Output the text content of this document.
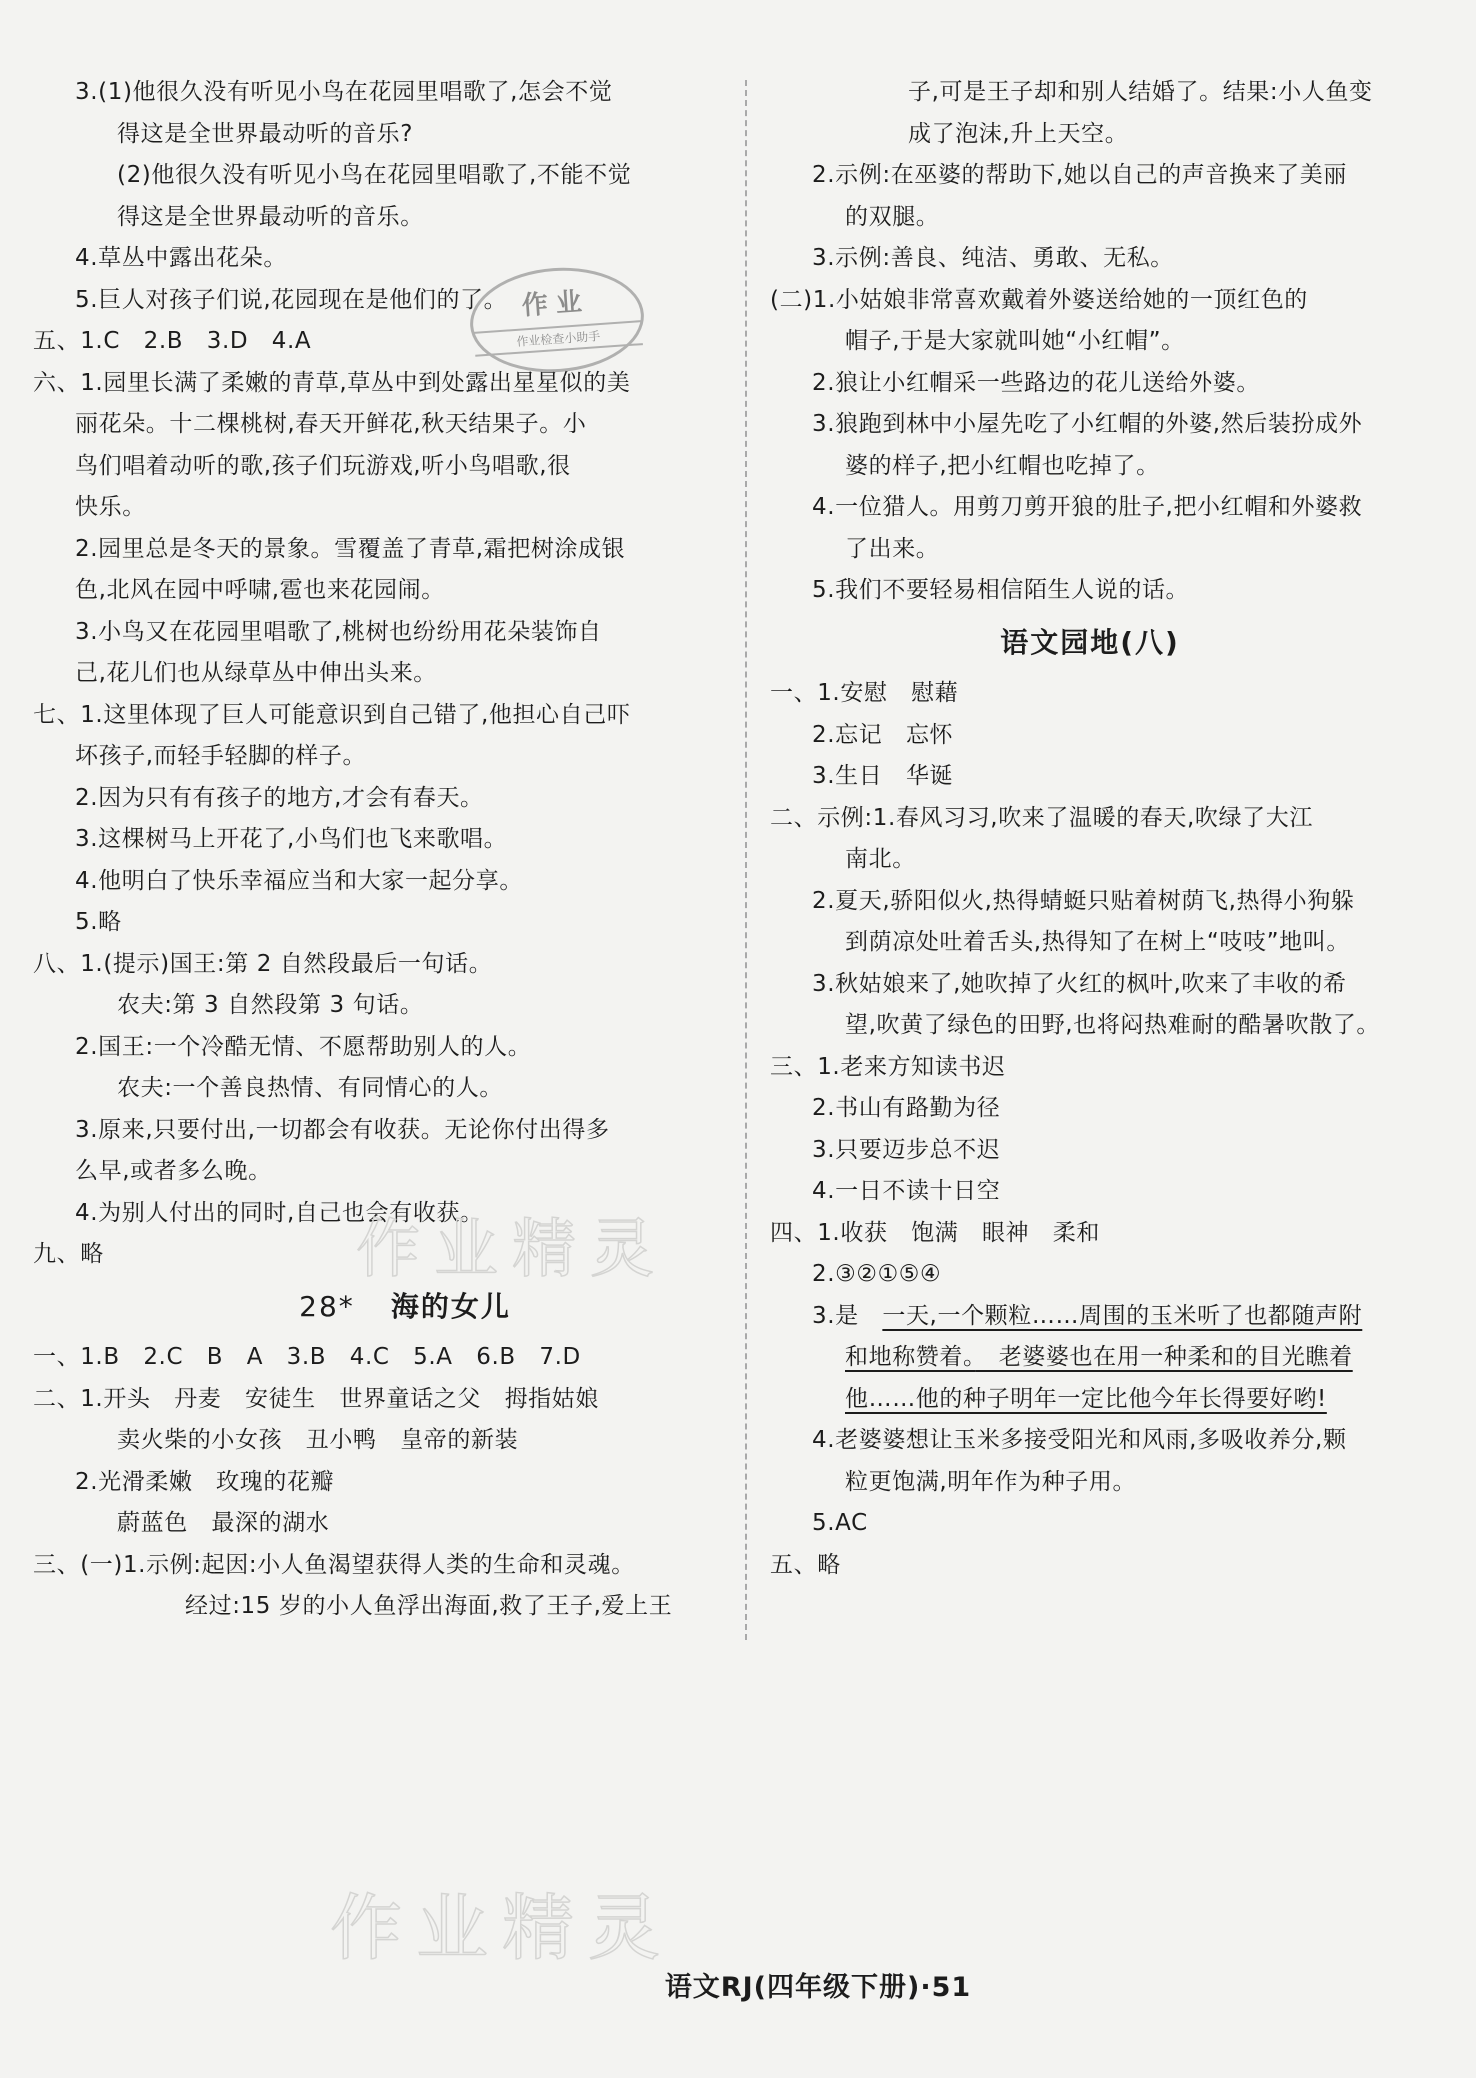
3.(1)他很久没有听见小鸟在花园里唱歌了,怎会不觉
得这是全世界最动听的音乐?
(2)他很久没有听见小鸟在花园里唱歌了,不能不觉
得这是全世界最动听的音乐。
4.草丛中露出花朵。
5.巨人对孩子们说,花园现在是他们的了。
五、1.C　2.B　3.D　4.A
六、1.园里长满了柔嫩的青草,草丛中到处露出星星似的美
丽花朵。十二棵桃树,春天开鲜花,秋天结果子。小
鸟们唱着动听的歌,孩子们玩游戏,听小鸟唱歌,很
快乐。
2.园里总是冬天的景象。雪覆盖了青草,霜把树涂成银
色,北风在园中呼啸,雹也来花园闹。
3.小鸟又在花园里唱歌了,桃树也纷纷用花朵装饰自
己,花儿们也从绿草丛中伸出头来。
七、1.这里体现了巨人可能意识到自己错了,他担心自己吓
坏孩子,而轻手轻脚的样子。
2.因为只有有孩子的地方,才会有春天。
3.这棵树马上开花了,小鸟们也飞来歌唱。
4.他明白了快乐幸福应当和大家一起分享。
5.略
八、1.(提示)国王:第 2 自然段最后一句话。
农夫:第 3 自然段第 3 句话。
2.国王:一个冷酷无情、不愿帮助别人的人。
农夫:一个善良热情、有同情心的人。
3.原来,只要付出,一切都会有收获。无论你付出得多
么早,或者多么晚。
4.为别人付出的同时,自己也会有收获。
九、略
28* 海的女儿
一、1.B　2.C　B　A　3.B　4.C　5.A　6.B　7.D
二、1.开头　丹麦　安徒生　世界童话之父　拇指姑娘
卖火柴的小女孩　丑小鸭　皇帝的新装
2.光滑柔嫩　玫瑰的花瓣
蔚蓝色　最深的湖水
三、(一)1.示例:起因:小人鱼渴望获得人类的生命和灵魂。
经过:15 岁的小人鱼浮出海面,救了王子,爱上王
子,可是王子却和别人结婚了。结果:小人鱼变
成了泡沫,升上天空。
2.示例:在巫婆的帮助下,她以自己的声音换来了美丽
的双腿。
3.示例:善良、纯洁、勇敢、无私。
(二)1.小姑娘非常喜欢戴着外婆送给她的一顶红色的
帽子,于是大家就叫她“小红帽”。
2.狼让小红帽采一些路边的花儿送给外婆。
3.狼跑到林中小屋先吃了小红帽的外婆,然后装扮成外
婆的样子,把小红帽也吃掉了。
4.一位猎人。用剪刀剪开狼的肚子,把小红帽和外婆救
了出来。
5.我们不要轻易相信陌生人说的话。
语文园地(八)
一、1.安慰　慰藉
2.忘记　忘怀
3.生日　华诞
二、示例:1.春风习习,吹来了温暖的春天,吹绿了大江
南北。
2.夏天,骄阳似火,热得蜻蜓只贴着树荫飞,热得小狗躲
到荫凉处吐着舌头,热得知了在树上“吱吱”地叫。
3.秋姑娘来了,她吹掉了火红的枫叶,吹来了丰收的希
望,吹黄了绿色的田野,也将闷热难耐的酷暑吹散了。
三、1.老来方知读书迟
2.书山有路勤为径
3.只要迈步总不迟
4.一日不读十日空
四、1.收获　饱满　眼神　柔和
2.③②①⑤④
3.是　一天,一个颗粒……周围的玉米听了也都随声附
和地称赞着。　老婆婆也在用一种柔和的目光瞧着
他……他的种子明年一定比他今年长得要好哟!
4.老婆婆想让玉米多接受阳光和风雨,多吸收养分,颗
粒更饱满,明年作为种子用。
5.AC
五、略
作业
作业检查小助手
作业精灵
作业精灵
语文RJ(四年级下册)·51
